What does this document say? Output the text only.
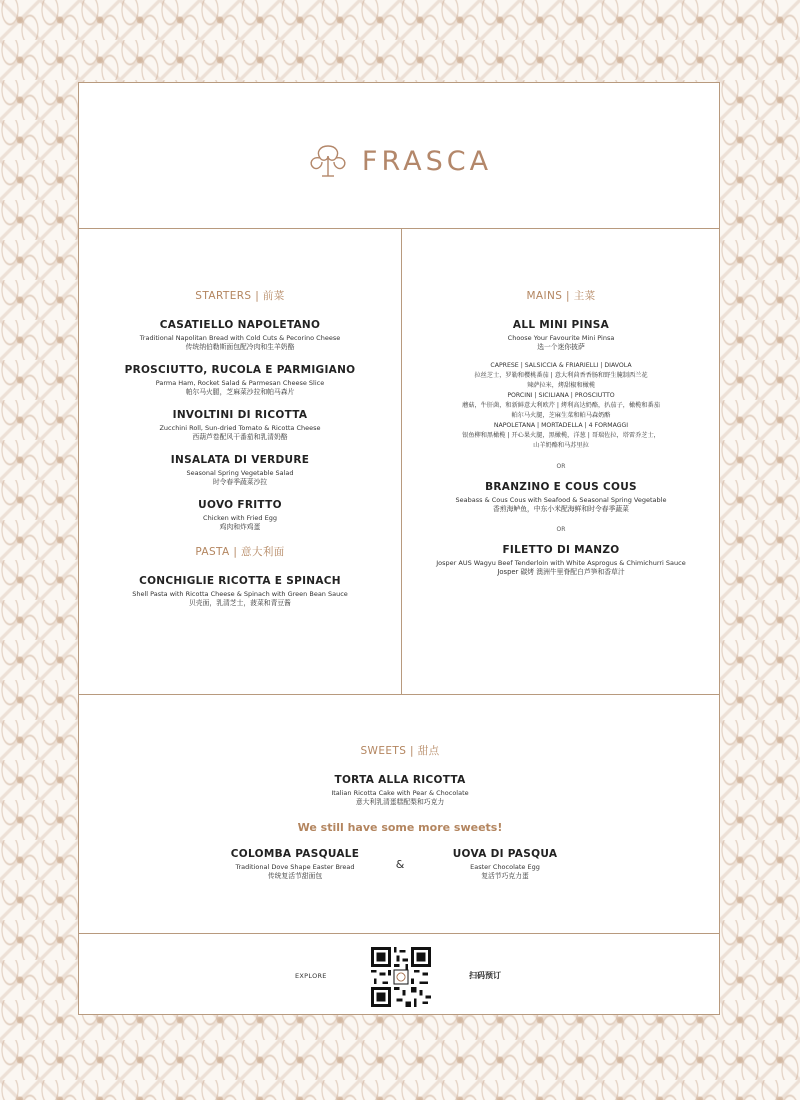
FRASCA
STARTERS | 前菜
CASATIELLO NAPOLETANO
Traditional Napolitan Bread with Cold Cuts & Pecorino Cheese
传统纳伯勒斯面包配冷肉和生羊奶酪
PROSCIUTTO, RUCOLA E PARMIGIANO
Parma Ham, Rocket Salad & Parmesan Cheese Slice
帕尔马火腿，芝麻菜沙拉和帕马森片
INVOLTINI DI RICOTTA
Zucchini Roll, Sun-dried Tomato & Ricotta Cheese
西葫芦卷配风干番茄和乳清奶酪
INSALATA DI VERDURE
Seasonal Spring Vegetable Salad
时令春季蔬菜沙拉
UOVO FRITTO
Chicken with Fried Egg
鸡肉和炸鸡蛋
PASTA | 意大利面
CONCHIGLIE RICOTTA E SPINACH
Shell Pasta with Ricotta Cheese & Spinach with Green Bean Sauce
贝壳面，乳清芝士，菠菜和青豆酱
MAINS | 主菜
ALL MINI PINSA
Choose Your Favourite Mini Pinsa
选一个迷你披萨
CAPRESE | SALSICCIA & FRIARIELLI | DIAVOLA
拉丝芝士，罗勒和樱桃番茄 | 意大利茴香香肠和野生腌制西兰花
辣萨拉米，烤甜椒和橄榄
PORCINI | SICILIANA | PROSCIUTTO
蘑菇，牛肝菌，和新鲜意大利欧芹 | 烤利高达奶酪，扒茄子，橄榄和番茄
帕尔马火腿，芝麻生菜和帕马森奶酪
NAPOLETANA | MORTADELLA | 4 FORMAGGI
银鱼柳和黑橄榄 | 开心果火腿，黑橄榄，洋葱 | 哥瑞佐拉，塔雷乔芝士，
山羊奶酪和马苏里拉
OR
BRANZINO E COUS COUS
Seabass & Cous Cous with Seafood & Seasonal Spring Vegetable
香煎海鲈鱼，中东小米配海鲜和时令春季蔬菜
OR
FILETTO DI MANZO
Josper AUS Wagyu Beef Tenderloin with White Asprogus & Chimichurri Sauce
Josper 碳烤 澳洲牛里脊配白芦笋和香草汁
SWEETS | 甜点
TORTA ALLA RICOTTA
Italian Ricotta Cake with Pear & Chocolate
意大利乳清蛋糕配梨和巧克力
We still have some more sweets!
COLOMBA PASQUALE
Traditional Dove Shape Easter Bread
传统复活节甜面包
&
UOVA DI PASQUA
Easter Chocolate Egg
复活节巧克力蛋
EXPLORE	扫码预订
